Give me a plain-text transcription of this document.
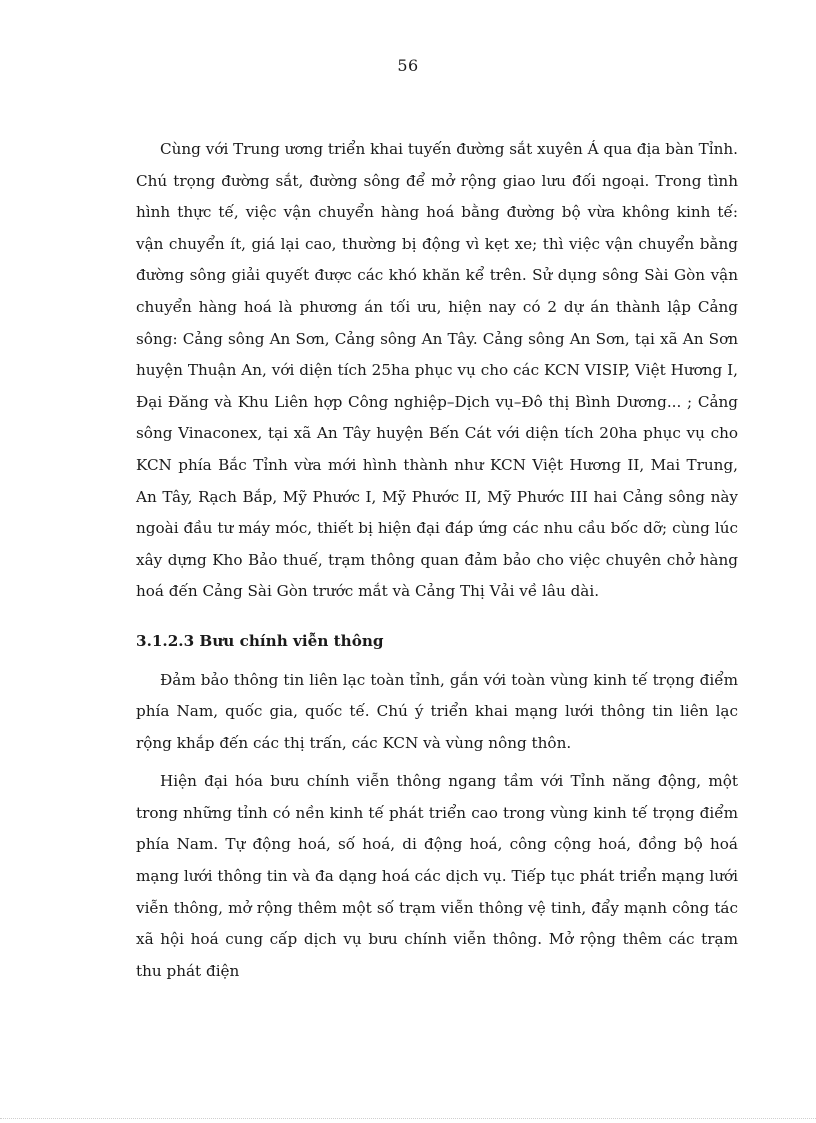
56

Cùng với Trung ương triển khai tuyến đường sắt xuyên Á qua địa bàn Tỉnh. Chú trọng đường sắt, đường sông để mở rộng giao lưu đối ngoại. Trong tình hình thực tế, việc vận chuyển hàng hoá bằng đường bộ vừa không kinh tế: vận chuyển ít, giá lại cao, thường bị động vì kẹt xe; thì việc vận chuyển bằng đường sông giải quyết được các khó khăn kể trên. Sử dụng sông Sài Gòn vận chuyển hàng hoá là phương án tối ưu, hiện nay có 2 dự án thành lập Cảng sông: Cảng sông An Sơn, Cảng sông An Tây. Cảng sông An Sơn, tại xã An Sơn huyện Thuận An, với diện tích 25ha phục vụ cho các KCN VISIP, Việt Hương I, Đại Đăng và Khu Liên hợp Công nghiệp–Dịch vụ–Đô thị Bình Dương... ; Cảng sông Vinaconex, tại xã An Tây huyện Bến Cát với diện tích 20ha phục vụ cho KCN phía Bắc Tỉnh vừa mới hình thành như KCN Việt Hương II, Mai Trung, An Tây, Rạch Bắp, Mỹ Phước I, Mỹ Phước II, Mỹ Phước III hai Cảng sông này ngoài đầu tư máy móc, thiết bị hiện đại đáp ứng các nhu cầu bốc dỡ; cùng lúc xây dựng Kho Bảo thuế, trạm thông quan đảm bảo cho việc chuyên chở hàng hoá đến Cảng Sài Gòn trước mắt và Cảng Thị Vải về lâu dài.

3.1.2.3 Bưu chính viễn thông

Đảm bảo thông tin liên lạc toàn tỉnh, gắn với toàn vùng kinh tế trọng điểm phía Nam, quốc gia, quốc tế. Chú ý triển khai mạng lưới thông tin liên lạc rộng khắp đến các thị trấn, các KCN và vùng nông thôn.

Hiện đại hóa bưu chính viễn thông ngang tầm với Tỉnh năng động, một trong những tỉnh có nền kinh tế phát triển cao trong vùng kinh tế trọng điểm phía Nam. Tự động hoá, số hoá, di động hoá, công cộng hoá, đồng bộ hoá mạng lưới thông tin và đa dạng hoá các dịch vụ. Tiếp tục phát triển mạng lưới viễn thông, mở rộng thêm một số trạm viễn thông vệ tinh, đẩy mạnh công tác xã hội hoá cung cấp dịch vụ bưu chính viễn thông. Mở rộng thêm các trạm thu phát điện
